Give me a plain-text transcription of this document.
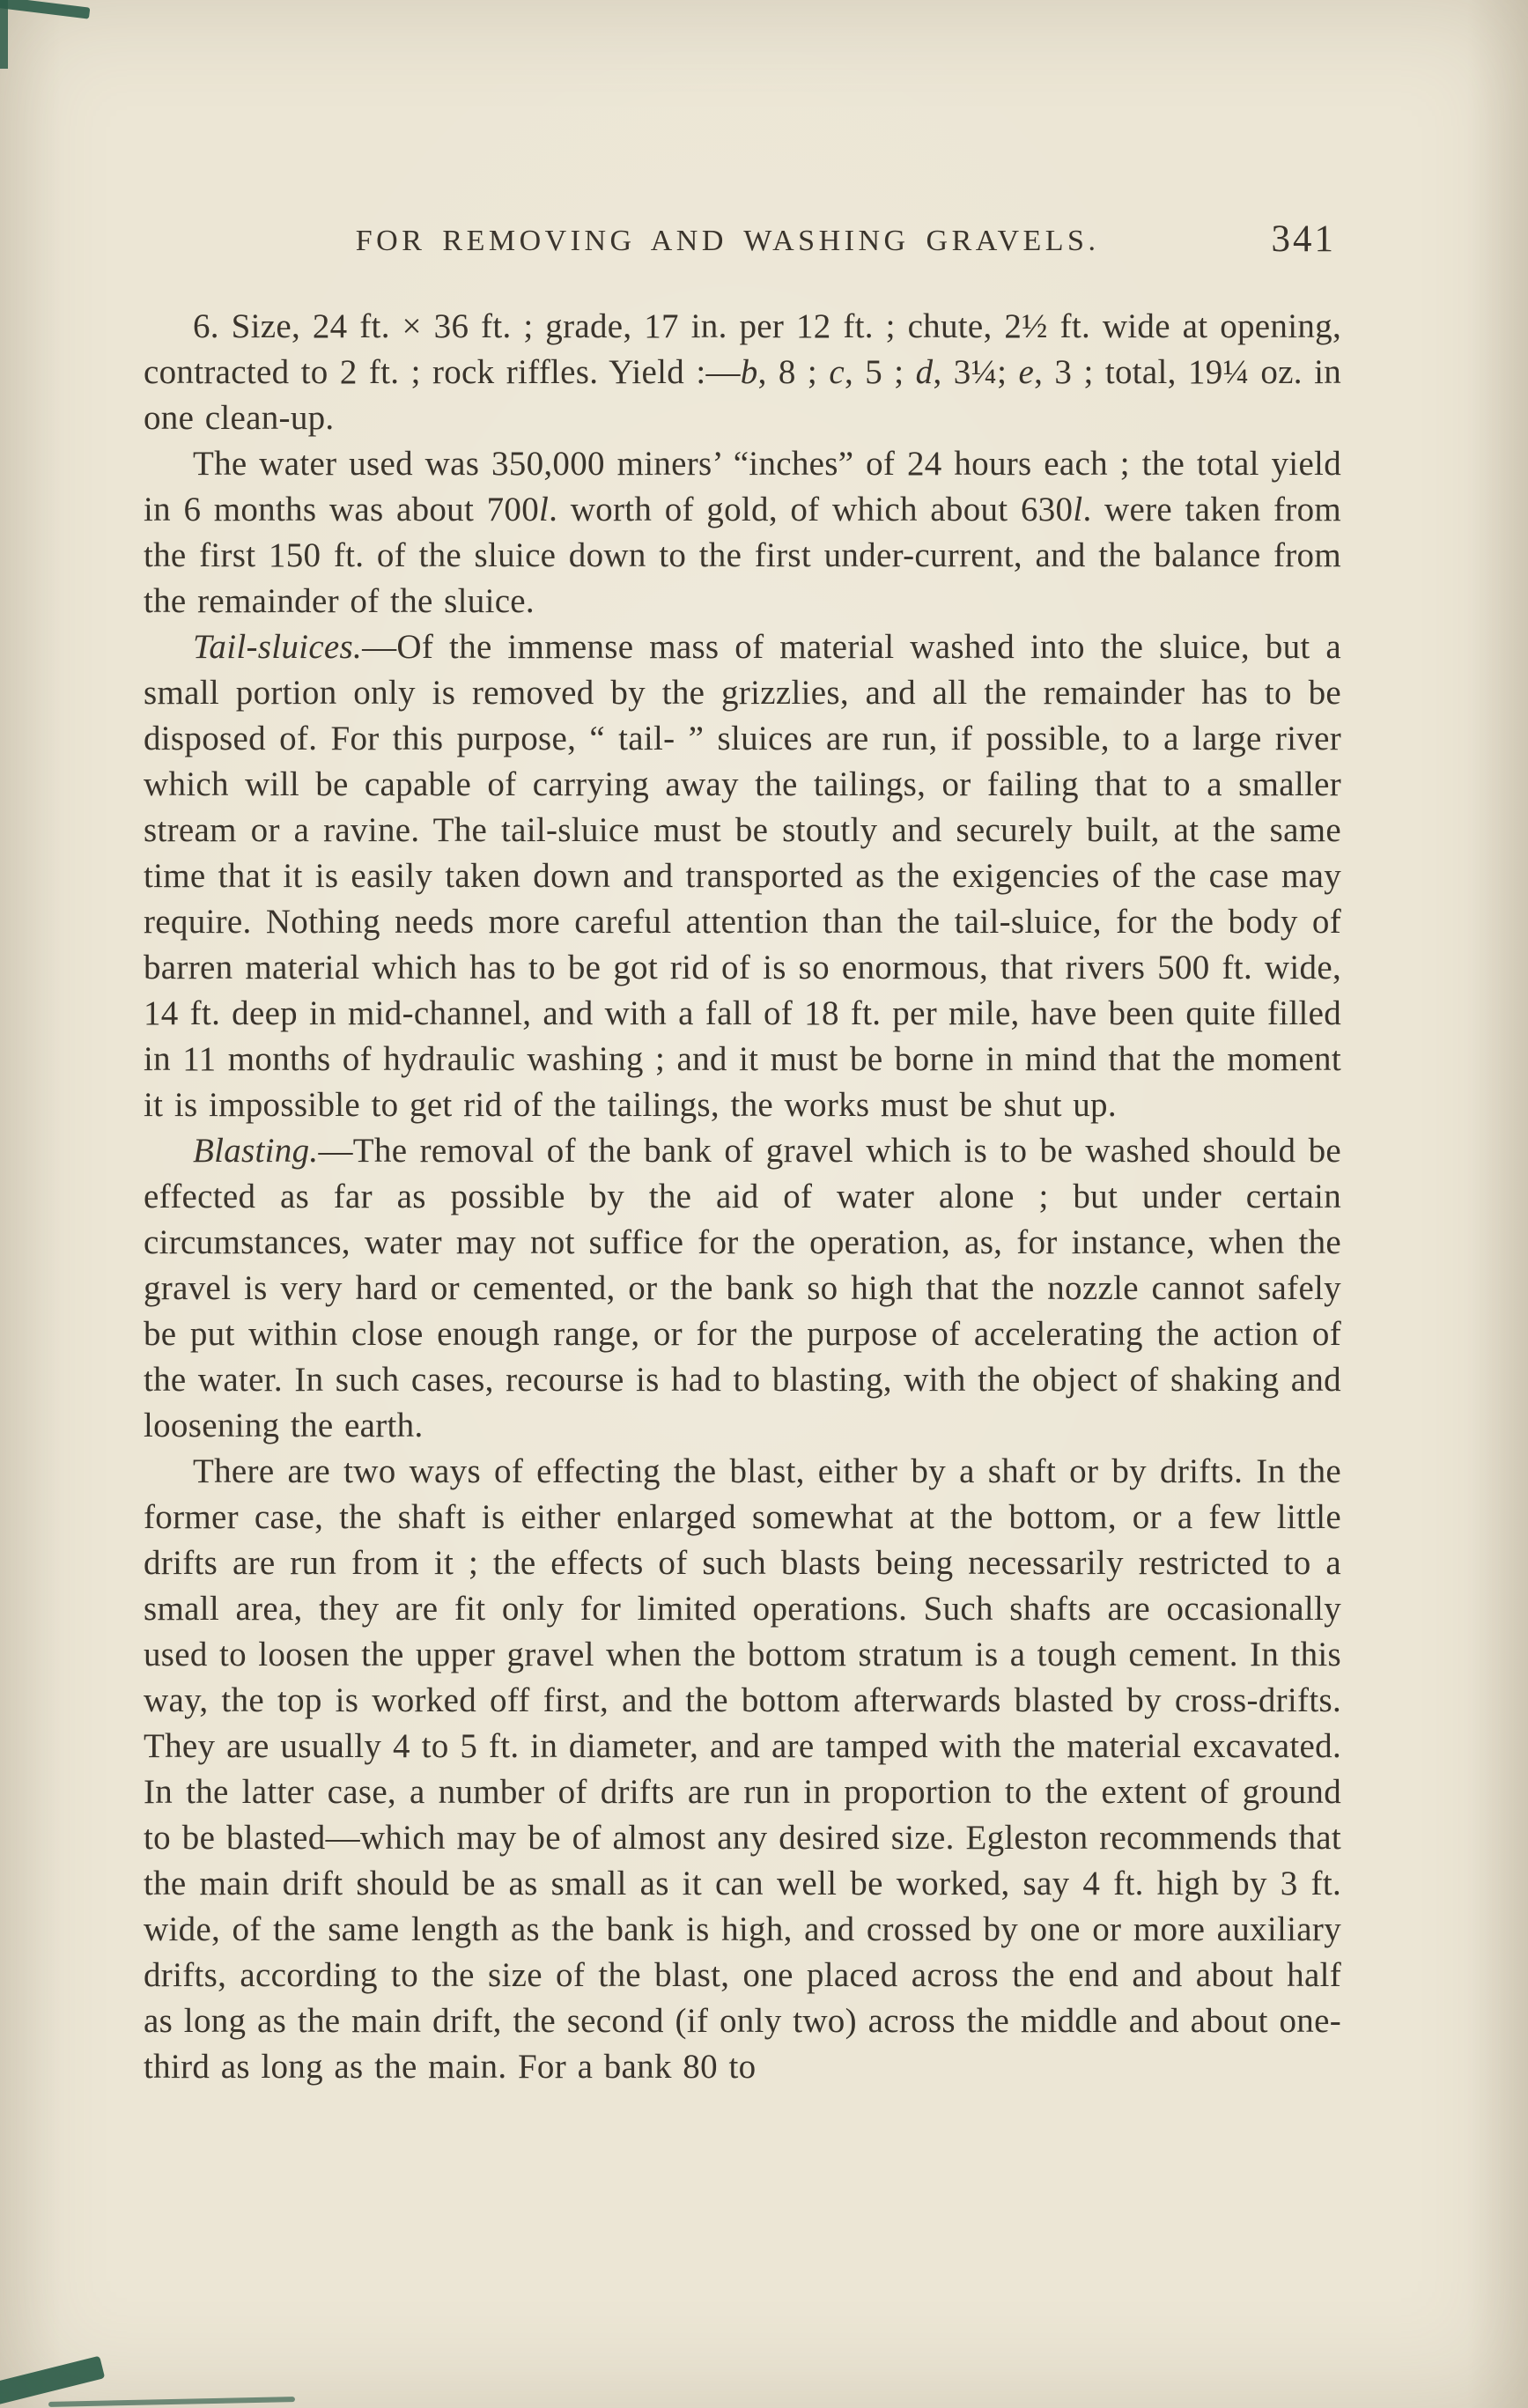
FOR REMOVING AND WASHING GRAVELS.	341

6. Size, 24 ft. × 36 ft. ; grade, 17 in. per 12 ft. ; chute, 2½ ft. wide at opening, contracted to 2 ft. ; rock riffles. Yield :—b, 8 ; c, 5 ; d, 3¼; e, 3 ; total, 19¼ oz. in one clean-up.

The water used was 350,000 miners’ “inches” of 24 hours each ; the total yield in 6 months was about 700l. worth of gold, of which about 630l. were taken from the first 150 ft. of the sluice down to the first under-current, and the balance from the remainder of the sluice.

Tail-sluices.—Of the immense mass of material washed into the sluice, but a small portion only is removed by the grizzlies, and all the remainder has to be disposed of. For this purpose, “ tail- ” sluices are run, if possible, to a large river which will be capable of carrying away the tailings, or failing that to a smaller stream or a ravine. The tail-sluice must be stoutly and securely built, at the same time that it is easily taken down and transported as the exigencies of the case may require. Nothing needs more careful attention than the tail-sluice, for the body of barren material which has to be got rid of is so enormous, that rivers 500 ft. wide, 14 ft. deep in mid-channel, and with a fall of 18 ft. per mile, have been quite filled in 11 months of hydraulic washing ; and it must be borne in mind that the moment it is impossible to get rid of the tailings, the works must be shut up.

Blasting.—The removal of the bank of gravel which is to be washed should be effected as far as possible by the aid of water alone ; but under certain circumstances, water may not suffice for the operation, as, for instance, when the gravel is very hard or cemented, or the bank so high that the nozzle cannot safely be put within close enough range, or for the purpose of accelerating the action of the water. In such cases, recourse is had to blasting, with the object of shaking and loosening the earth.

There are two ways of effecting the blast, either by a shaft or by drifts. In the former case, the shaft is either enlarged somewhat at the bottom, or a few little drifts are run from it ; the effects of such blasts being necessarily restricted to a small area, they are fit only for limited operations. Such shafts are occasionally used to loosen the upper gravel when the bottom stratum is a tough cement. In this way, the top is worked off first, and the bottom afterwards blasted by cross-drifts. They are usually 4 to 5 ft. in diameter, and are tamped with the material excavated. In the latter case, a number of drifts are run in proportion to the extent of ground to be blasted—which may be of almost any desired size. Egleston recommends that the main drift should be as small as it can well be worked, say 4 ft. high by 3 ft. wide, of the same length as the bank is high, and crossed by one or more auxiliary drifts, according to the size of the blast, one placed across the end and about half as long as the main drift, the second (if only two) across the middle and about one-third as long as the main. For a bank 80 to
